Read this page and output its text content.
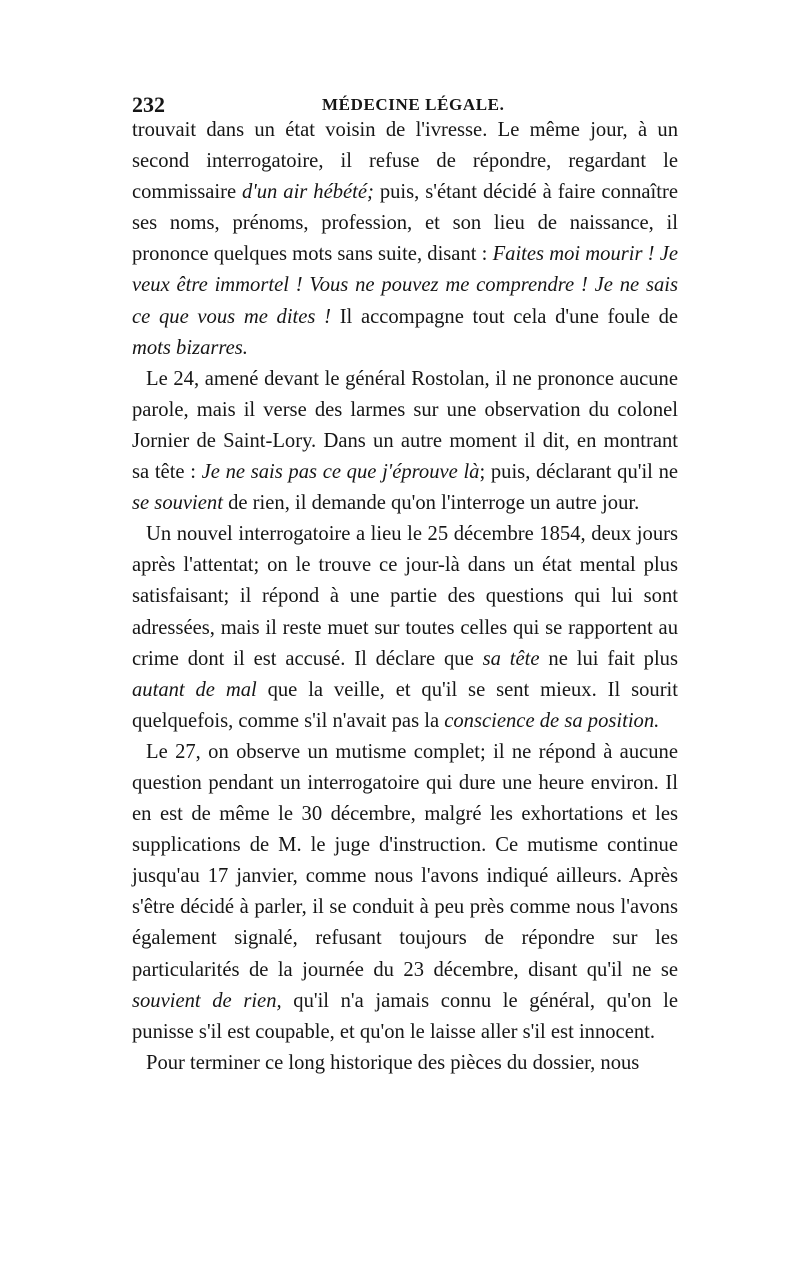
232	MÉDECINE LÉGALE.

trouvait dans un état voisin de l'ivresse. Le même jour, à un second interrogatoire, il refuse de répondre, regardant le commissaire d'un air hébété; puis, s'étant décidé à faire connaître ses noms, prénoms, profession, et son lieu de naissance, il prononce quelques mots sans suite, disant : Faites moi mourir ! Je veux être immortel ! Vous ne pouvez me comprendre ! Je ne sais ce que vous me dites ! Il accompagne tout cela d'une foule de mots bizarres.

Le 24, amené devant le général Rostolan, il ne prononce aucune parole, mais il verse des larmes sur une observation du colonel Jornier de Saint-Lory. Dans un autre moment il dit, en montrant sa tête : Je ne sais pas ce que j'éprouve là; puis, déclarant qu'il ne se souvient de rien, il demande qu'on l'interroge un autre jour.

Un nouvel interrogatoire a lieu le 25 décembre 1854, deux jours après l'attentat; on le trouve ce jour-là dans un état mental plus satisfaisant; il répond à une partie des questions qui lui sont adressées, mais il reste muet sur toutes celles qui se rapportent au crime dont il est accusé. Il déclare que sa tête ne lui fait plus autant de mal que la veille, et qu'il se sent mieux. Il sourit quelquefois, comme s'il n'avait pas la conscience de sa position.

Le 27, on observe un mutisme complet; il ne répond à aucune question pendant un interrogatoire qui dure une heure environ. Il en est de même le 30 décembre, malgré les exhortations et les supplications de M. le juge d'instruction. Ce mutisme continue jusqu'au 17 janvier, comme nous l'avons indiqué ailleurs. Après s'être décidé à parler, il se conduit à peu près comme nous l'avons également signalé, refusant toujours de répondre sur les particularités de la journée du 23 décembre, disant qu'il ne se souvient de rien, qu'il n'a jamais connu le général, qu'on le punisse s'il est coupable, et qu'on le laisse aller s'il est innocent.

Pour terminer ce long historique des pièces du dossier, nous
